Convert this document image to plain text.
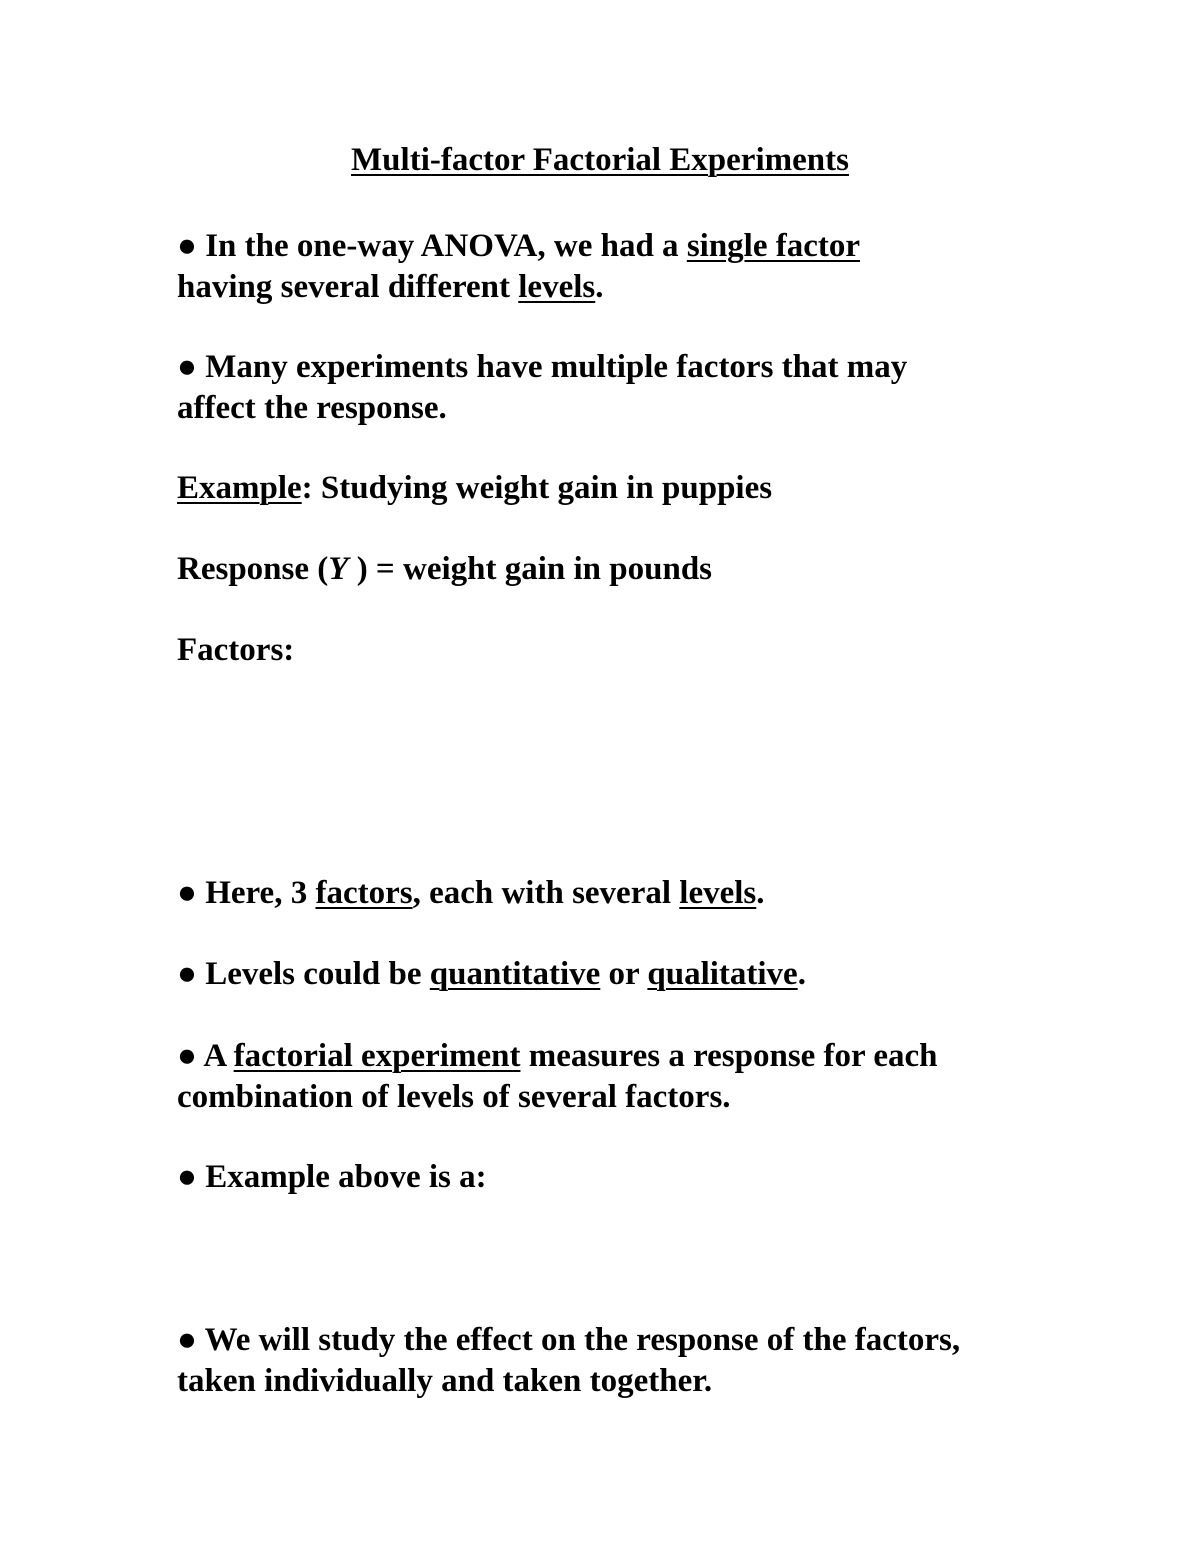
Multi-factor Factorial Experiments
● In the one-way ANOVA, we had a single factor
having several different levels.
● Many experiments have multiple factors that may
affect the response.
Example: Studying weight gain in puppies
Response (Y ) = weight gain in pounds
Factors:
● Here, 3 factors, each with several levels.
● Levels could be quantitative or qualitative.
● A factorial experiment measures a response for each
combination of levels of several factors.
● Example above is a:
● We will study the effect on the response of the factors,
taken individually and taken together.
